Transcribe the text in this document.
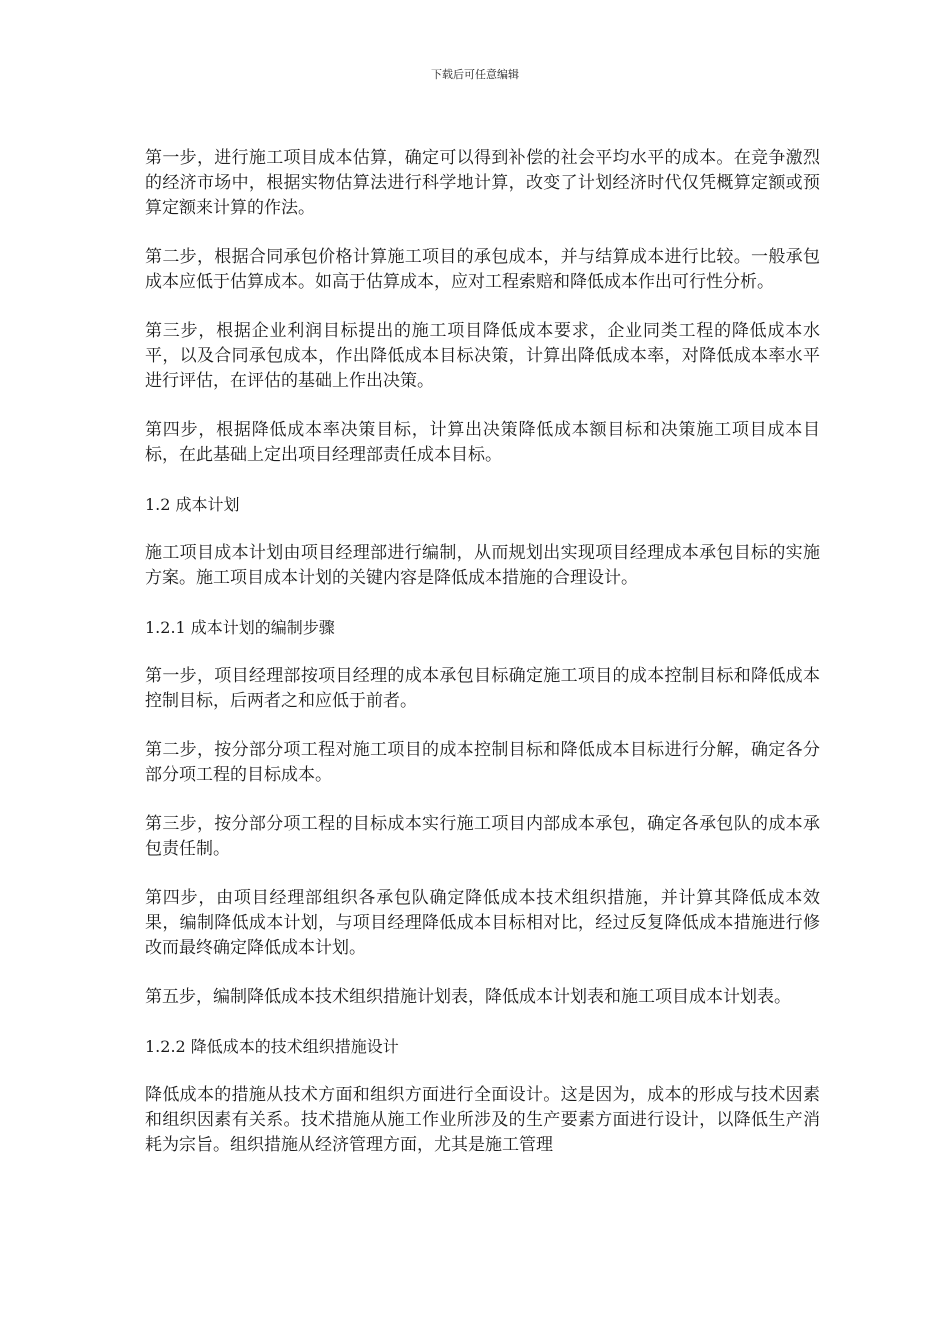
下载后可任意编辑

第一步，进行施工项目成本估算，确定可以得到补偿的社会平均水平的成本。在竞争激烈的经济市场中，根据实物估算法进行科学地计算，改变了计划经济时代仅凭概算定额或预算定额来计算的作法。

第二步，根据合同承包价格计算施工项目的承包成本，并与结算成本进行比较。一般承包成本应低于估算成本。如高于估算成本，应对工程索赔和降低成本作出可行性分析。

第三步，根据企业利润目标提出的施工项目降低成本要求，企业同类工程的降低成本水平，以及合同承包成本，作出降低成本目标决策，计算出降低成本率，对降低成本率水平进行评估，在评估的基础上作出决策。

第四步，根据降低成本率决策目标，计算出决策降低成本额目标和决策施工项目成本目标，在此基础上定出项目经理部责任成本目标。

1.2 成本计划

施工项目成本计划由项目经理部进行编制，从而规划出实现项目经理成本承包目标的实施方案。施工项目成本计划的关键内容是降低成本措施的合理设计。

1.2.1 成本计划的编制步骤

第一步，项目经理部按项目经理的成本承包目标确定施工项目的成本控制目标和降低成本控制目标，后两者之和应低于前者。

第二步，按分部分项工程对施工项目的成本控制目标和降低成本目标进行分解，确定各分部分项工程的目标成本。

第三步，按分部分项工程的目标成本实行施工项目内部成本承包，确定各承包队的成本承包责任制。

第四步，由项目经理部组织各承包队确定降低成本技术组织措施，并计算其降低成本效果，编制降低成本计划，与项目经理降低成本目标相对比，经过反复降低成本措施进行修改而最终确定降低成本计划。

第五步，编制降低成本技术组织措施计划表，降低成本计划表和施工项目成本计划表。

1.2.2 降低成本的技术组织措施设计

降低成本的措施从技术方面和组织方面进行全面设计。这是因为，成本的形成与技术因素和组织因素有关系。技术措施从施工作业所涉及的生产要素方面进行设计，以降低生产消耗为宗旨。组织措施从经济管理方面，尤其是施工管理
